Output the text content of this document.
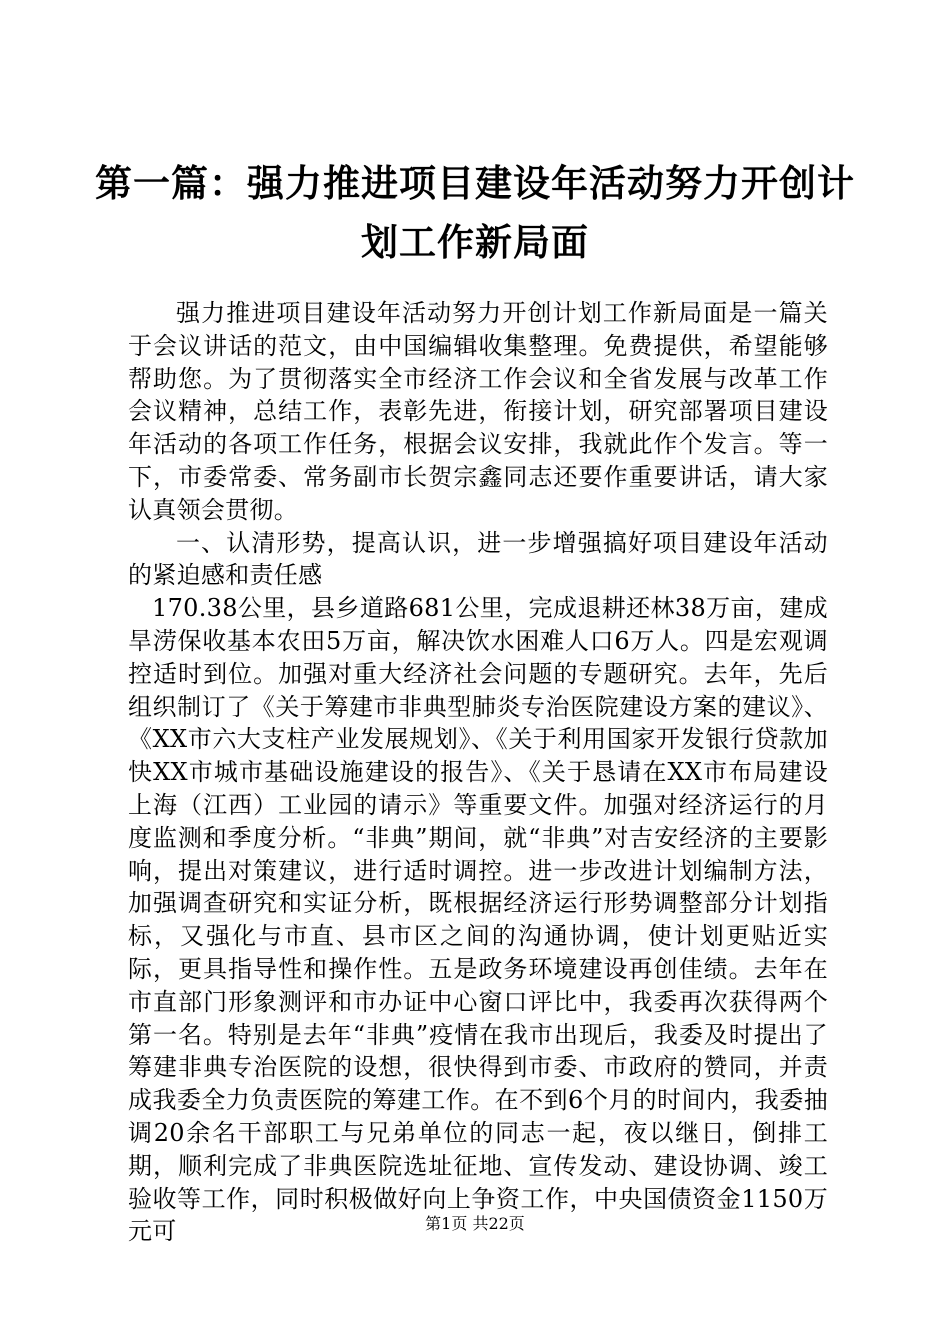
第一篇：强力推进项目建设年活动努力开创计
划工作新局面

强力推进项目建设年活动努力开创计划工作新局面是一篇关于会议讲话的范文，由中国编辑收集整理。免费提供，希望能够帮助您。为了贯彻落实全市经济工作会议和全省发展与改革工作会议精神，总结工作，表彰先进，衔接计划，研究部署项目建设年活动的各项工作任务，根据会议安排，我就此作个发言。等一下，市委常委、常务副市长贺宗鑫同志还要作重要讲话，请大家认真领会贯彻。

一、认清形势，提高认识，进一步增强搞好项目建设年活动的紧迫感和责任感

170.38公里，县乡道路681公里，完成退耕还林38万亩，建成旱涝保收基本农田5万亩，解决饮水困难人口6万人。四是宏观调控适时到位。加强对重大经济社会问题的专题研究。去年，先后组织制订了《关于筹建市非典型肺炎专治医院建设方案的建议》、《XX市六大支柱产业发展规划》、《关于利用国家开发银行贷款加快XX市城市基础设施建设的报告》、《关于恳请在XX市布局建设上海（江西）工业园的请示》等重要文件。加强对经济运行的月度监测和季度分析。“非典”期间，就“非典”对吉安经济的主要影响，提出对策建议，进行适时调控。进一步改进计划编制方法，加强调查研究和实证分析，既根据经济运行形势调整部分计划指标，又强化与市直、县市区之间的沟通协调，使计划更贴近实际，更具指导性和操作性。五是政务环境建设再创佳绩。去年在市直部门形象测评和市办证中心窗口评比中，我委再次获得两个第一名。特别是去年“非典”疫情在我市出现后，我委及时提出了筹建非典专治医院的设想，很快得到市委、市政府的赞同，并责成我委全力负责医院的筹建工作。在不到6个月的时间内，我委抽调20余名干部职工与兄弟单位的同志一起，夜以继日，倒排工期，顺利完成了非典医院选址征地、宣传发动、建设协调、竣工验收等工作，同时积极做好向上争资工作，中央国债资金1150万元可	第1页 共22页
